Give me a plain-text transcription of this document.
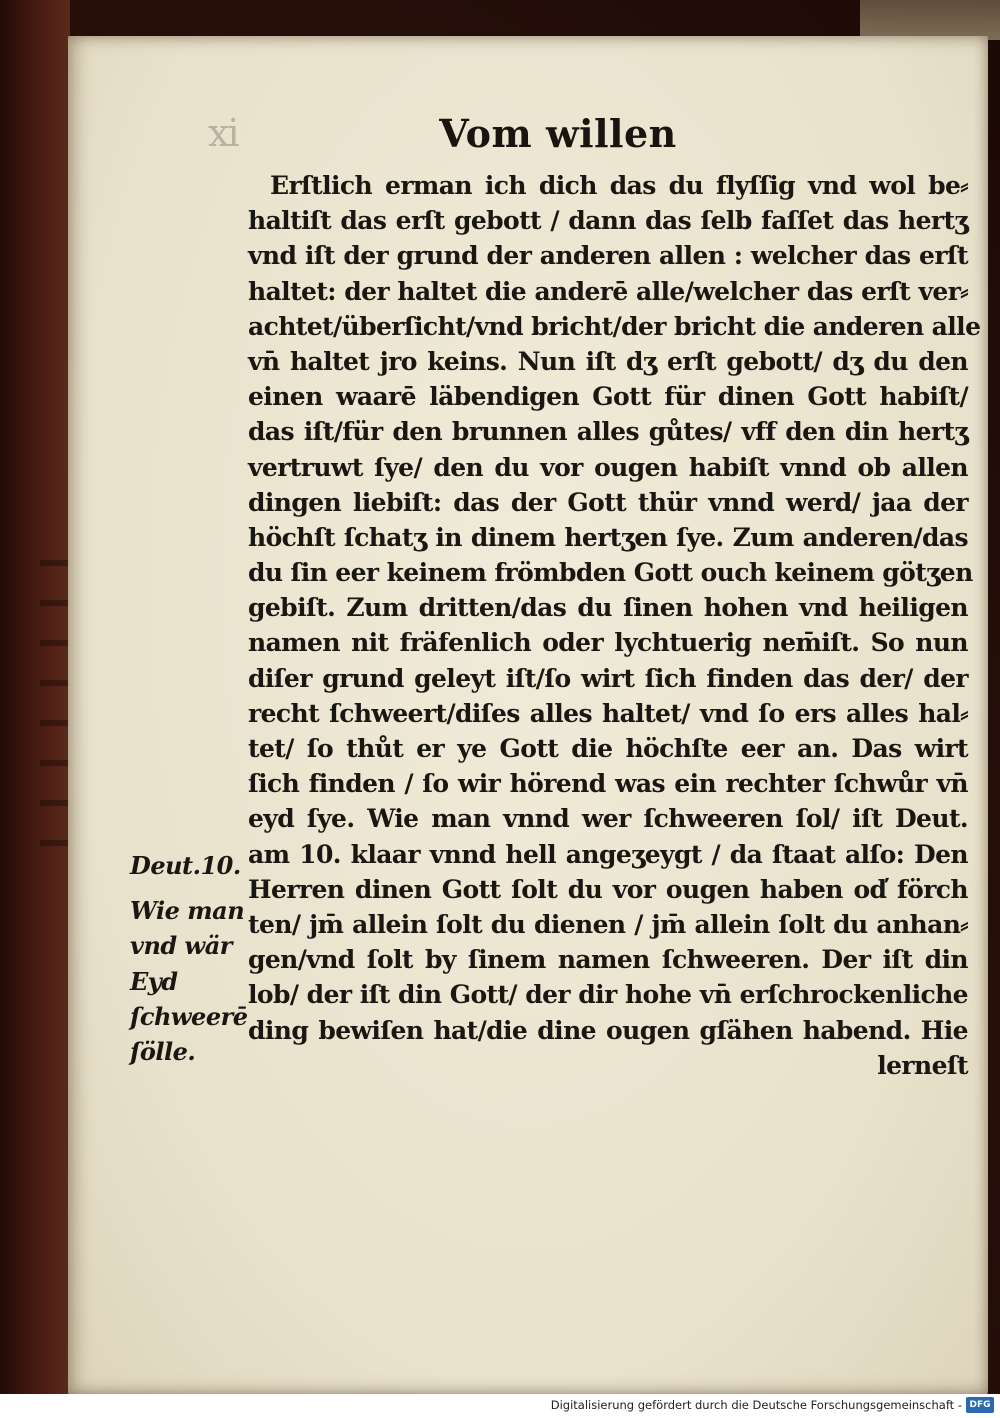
xi	Vom willen
Erſtlich erman ich dich das du flyſſig vnd wol be⸗
haltiſt das erſt gebott / dann das ſelb faſſet das hertʒ
vnd iſt der grund der anderen allen : welcher das erſt
haltet: der haltet die anderē alle/welcher das erſt ver⸗
achtet/überſicht/vnd bricht/der bricht die anderen alle
vn̄ haltet jro keins. Nun iſt dʒ erſt gebott/ dʒ du den
einen waarē läbendigen Gott für dinen Gott habiſt/
das iſt/für den brunnen alles gůtes/ vff den din hertʒ
vertruwt ſye/ den du vor ougen habiſt vnnd ob allen
dingen liebiſt: das der Gott thür vnnd werd/ jaa der
höchſt ſchatʒ in dinem hertʒen ſye. Zum anderen/das
du ſin eer keinem frömbden Gott ouch keinem götʒen
gebiſt. Zum dritten/das du ſinen hohen vnd heiligen
namen nit fräfenlich oder lychtuerig nem̄iſt. So nun
diſer grund geleyt iſt/ſo wirt ſich finden das der/ der
recht ſchweert/diſes alles haltet/ vnd ſo ers alles hal⸗
tet/ ſo thůt er ye Gott die höchſte eer an. Das wirt
ſich finden / ſo wir hörend was ein rechter ſchwůr vn̄
eyd ſye. Wie man vnnd wer ſchweeren ſol/ iſt Deut.
am 10. klaar vnnd hell angeʒeygt / da ſtaat alſo: Den
Herren dinen Gott ſolt du vor ougen haben od̕ förch
ten/ jm̄ allein ſolt du dienen / jm̄ allein ſolt du anhan⸗
gen/vnd ſolt by ſinem namen ſchweeren. Der iſt din
lob/ der iſt din Gott/ der dir hohe vn̄ erſchrockenliche
ding bewiſen hat/die dine ougen gſähen habend. Hie
lerneſt
Deut.10.
Wie man
vnd wär
Eyd
ſchweerē
ſölle.
Digitalisierung gefördert durch die Deutsche Forschungsgemeinschaft - DFG
